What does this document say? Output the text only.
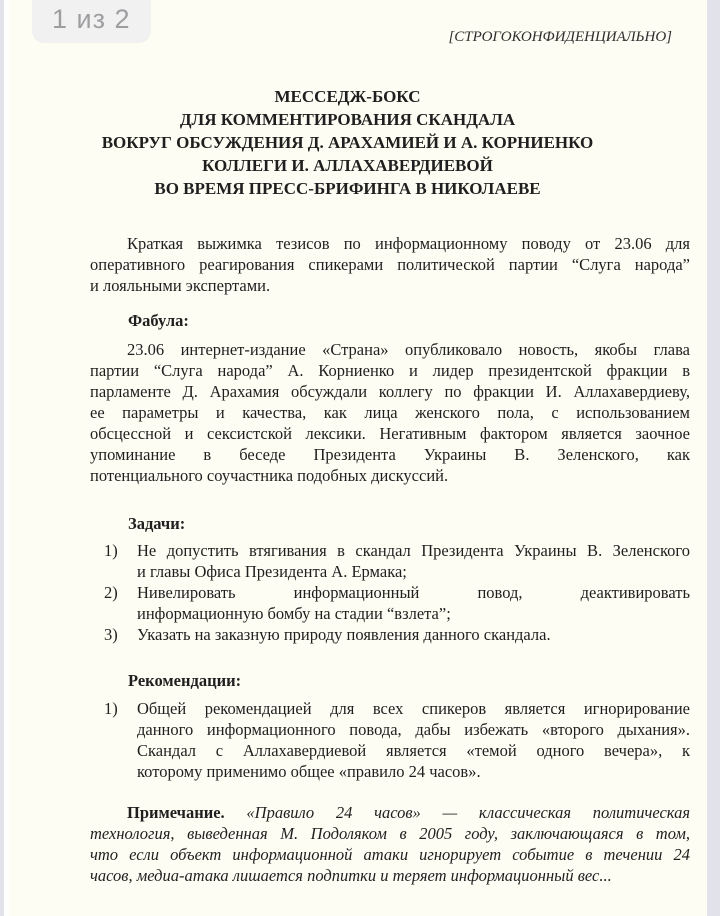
[СТРОГОКОНФИДЕНЦИАЛЬНО]
МЕССЕДЖ-БОКС
ДЛЯ КОММЕНТИРОВАНИЯ СКАНДАЛА
ВОКРУГ ОБСУЖДЕНИЯ Д. АРАХАМИЕЙ И А. КОРНИЕНКО
КОЛЛЕГИ И. АЛЛАХАВЕРДИЕВОЙ
ВО ВРЕМЯ ПРЕСС-БРИФИНГА В НИКОЛАЕВЕ
Краткая выжимка тезисов по информационному поводу от 23.06 для
оперативного реагирования спикерами политической партии “Слуга народа”
и лояльными экспертами.
Фабула:
23.06 интернет-издание «Страна» опубликовало новость, якобы глава
партии “Слуга народа” А. Корниенко и лидер президентской фракции в
парламенте Д. Арахамия обсуждали коллегу по фракции И. Аллахавердиеву,
ее параметры и качества, как лица женского пола, с использованием
обсцессной и сексистской лексики. Негативным фактором является заочное
упоминание в беседе Президента Украины В. Зеленского, как
потенциального соучастника подобных дискуссий.
Задачи:
1)	Не допустить втягивания в скандал Президента Украины В. Зеленского
и главы Офиса Президента А. Ермака;
2)	Нивелировать информационный повод, деактивировать
информационную бомбу на стадии “взлета”;
3)	Указать на заказную природу появления данного скандала.
Рекомендации:
1)	Общей рекомендацией для всех спикеров является игнорирование
данного информационного повода, дабы избежать «второго дыхания».
Скандал с Аллахавердиевой является «темой одного вечера», к
которому применимо общее «правило 24 часов».
Примечание. «Правило 24 часов» — классическая политическая
технология, выведенная М. Подоляком в 2005 году, заключающаяся в том,
что если объект информационной атаки игнорирует событие в течении 24
часов, медиа-атака лишается подпитки и теряет информационный вес...
1 из 2
